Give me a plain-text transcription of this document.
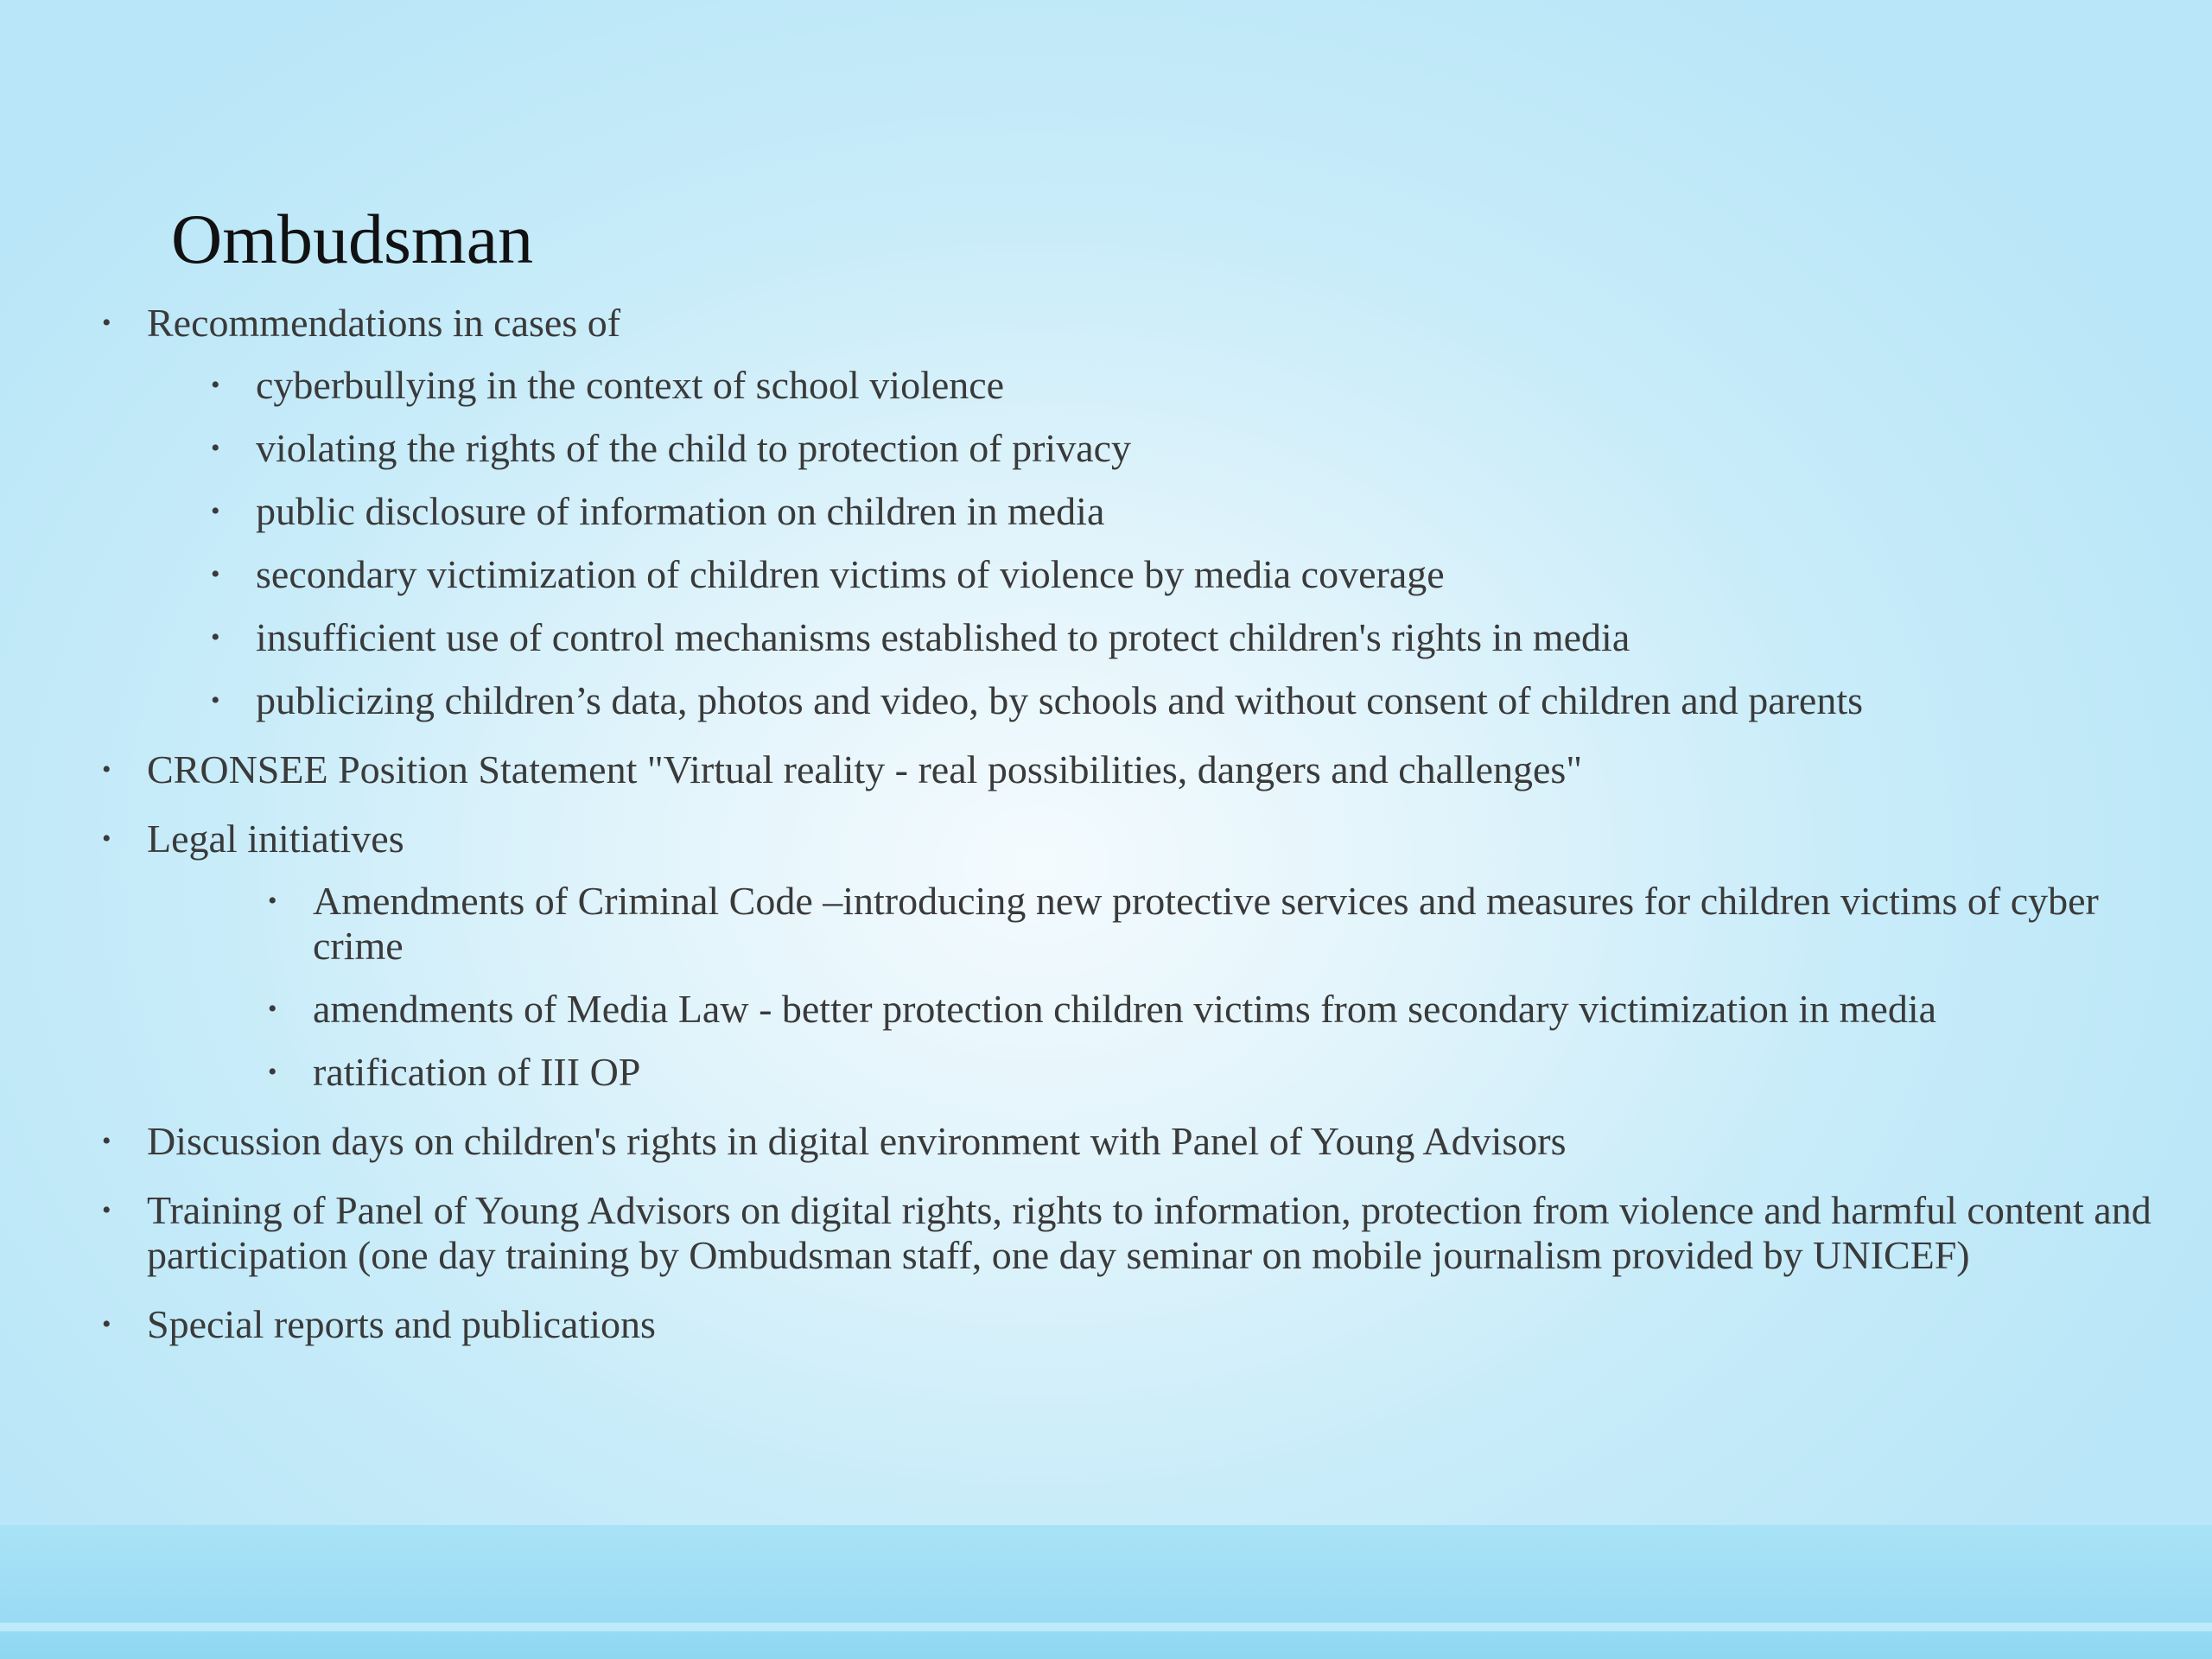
Ombudsman
• Recommendations in cases of
• cyberbullying in the context of school violence
• violating the rights of the child to protection of privacy
• public disclosure of information on children in media
• secondary victimization of children victims of violence by media coverage
• insufficient use of control mechanisms established to protect children's rights in media
• publicizing children’s data, photos and video, by schools and without consent of children and parents
• CRONSEE Position Statement "Virtual reality - real possibilities, dangers and challenges"
• Legal initiatives
• Amendments of Criminal Code –introducing new protective services and measures for children victims of cyber crime
• amendments of Media Law - better protection children victims from secondary victimization in media
• ratification of III OP
• Discussion days on children's rights in digital environment with Panel of Young Advisors
• Training of Panel of Young Advisors on digital rights, rights to information, protection from violence and harmful content and participation (one day training by Ombudsman staff, one day seminar on mobile journalism provided by UNICEF)
• Special reports and publications
